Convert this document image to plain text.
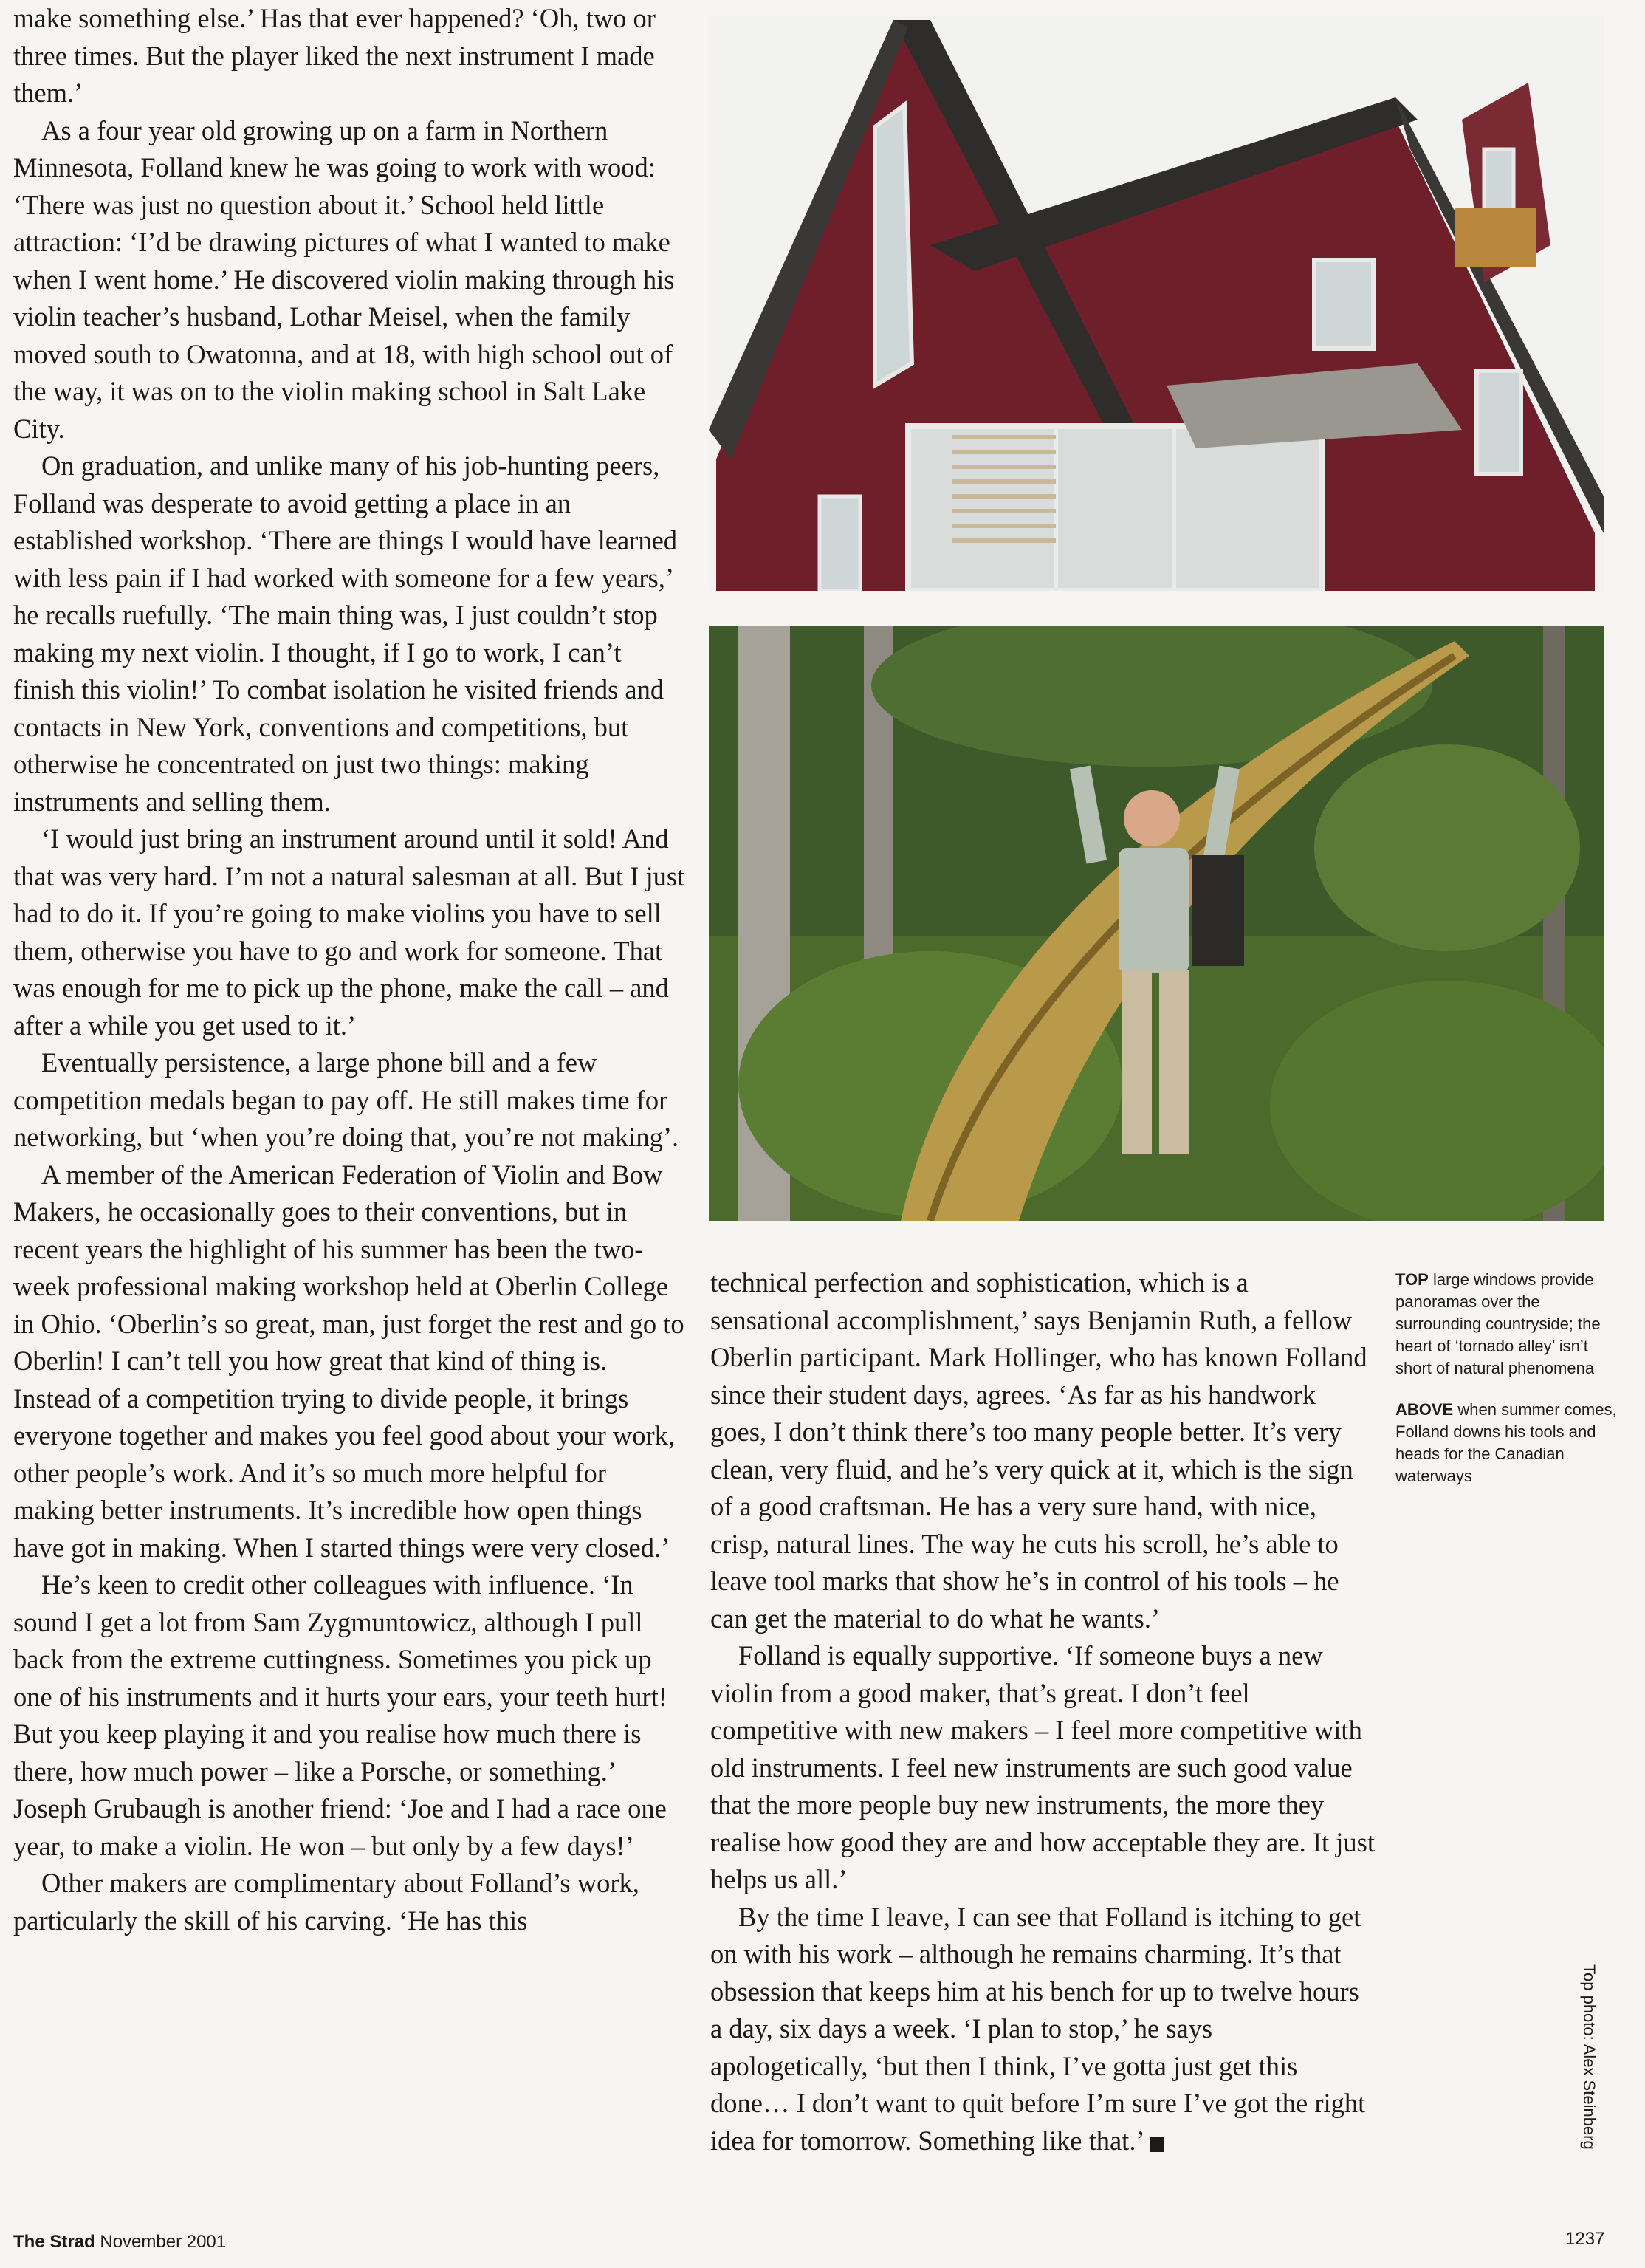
make something else.’ Has that ever happened? ‘Oh, two or three times. But the player liked the next instrument I made them.’

As a four year old growing up on a farm in Northern Minnesota, Folland knew he was going to work with wood: ‘There was just no question about it.’ School held little attraction: ‘I’d be drawing pictures of what I wanted to make when I went home.’ He discovered violin making through his violin teacher’s husband, Lothar Meisel, when the family moved south to Owatonna, and at 18, with high school out of the way, it was on to the violin making school in Salt Lake City.

On graduation, and unlike many of his job-hunting peers, Folland was desperate to avoid getting a place in an established workshop. ‘There are things I would have learned with less pain if I had worked with someone for a few years,’ he recalls ruefully. ‘The main thing was, I just couldn’t stop making my next violin. I thought, if I go to work, I can’t finish this violin!’ To combat isolation he visited friends and contacts in New York, conventions and competitions, but otherwise he concentrated on just two things: making instruments and selling them.

‘I would just bring an instrument around until it sold! And that was very hard. I’m not a natural salesman at all. But I just had to do it. If you’re going to make violins you have to sell them, otherwise you have to go and work for someone. That was enough for me to pick up the phone, make the call – and after a while you get used to it.’

Eventually persistence, a large phone bill and a few competition medals began to pay off. He still makes time for networking, but ‘when you’re doing that, you’re not making’.

A member of the American Federation of Violin and Bow Makers, he occasionally goes to their conventions, but in recent years the highlight of his summer has been the two-week professional making workshop held at Oberlin College in Ohio. ‘Oberlin’s so great, man, just forget the rest and go to Oberlin! I can’t tell you how great that kind of thing is. Instead of a competition trying to divide people, it brings everyone together and makes you feel good about your work, other people’s work. And it’s so much more helpful for making better instruments. It’s incredible how open things have got in making. When I started things were very closed.’

He’s keen to credit other colleagues with influence. ‘In sound I get a lot from Sam Zygmuntowicz, although I pull back from the extreme cuttingness. Sometimes you pick up one of his instruments and it hurts your ears, your teeth hurt! But you keep playing it and you realise how much there is there, how much power – like a Porsche, or something.’ Joseph Grubaugh is another friend: ‘Joe and I had a race one year, to make a violin. He won – but only by a few days!’

Other makers are complimentary about Folland’s work, particularly the skill of his carving. ‘He has this

technical perfection and sophistication, which is a sensational accomplishment,’ says Benjamin Ruth, a fellow Oberlin participant. Mark Hollinger, who has known Folland since their student days, agrees. ‘As far as his handwork goes, I don’t think there’s too many people better. It’s very clean, very fluid, and he’s very quick at it, which is the sign of a good craftsman. He has a very sure hand, with nice, crisp, natural lines. The way he cuts his scroll, he’s able to leave tool marks that show he’s in control of his tools – he can get the material to do what he wants.’

Folland is equally supportive. ‘If someone buys a new violin from a good maker, that’s great. I don’t feel competitive with new makers – I feel more competitive with old instruments. I feel new instruments are such good value that the more people buy new instruments, the more they realise how good they are and how acceptable they are. It just helps us all.’

By the time I leave, I can see that Folland is itching to get on with his work – although he remains charming. It’s that obsession that keeps him at his bench for up to twelve hours a day, six days a week. ‘I plan to stop,’ he says apologetically, ‘but then I think, I’ve gotta just get this done… I don’t want to quit before I’m sure I’ve got the right idea for tomorrow. Something like that.’	S

TOP large windows provide panoramas over the surrounding countryside; the heart of ‘tornado alley’ isn’t short of natural phenomena

ABOVE when summer comes, Folland downs his tools and heads for the Canadian waterways

Top photo: Alex Steinberg
The Strad November 2001	1237
